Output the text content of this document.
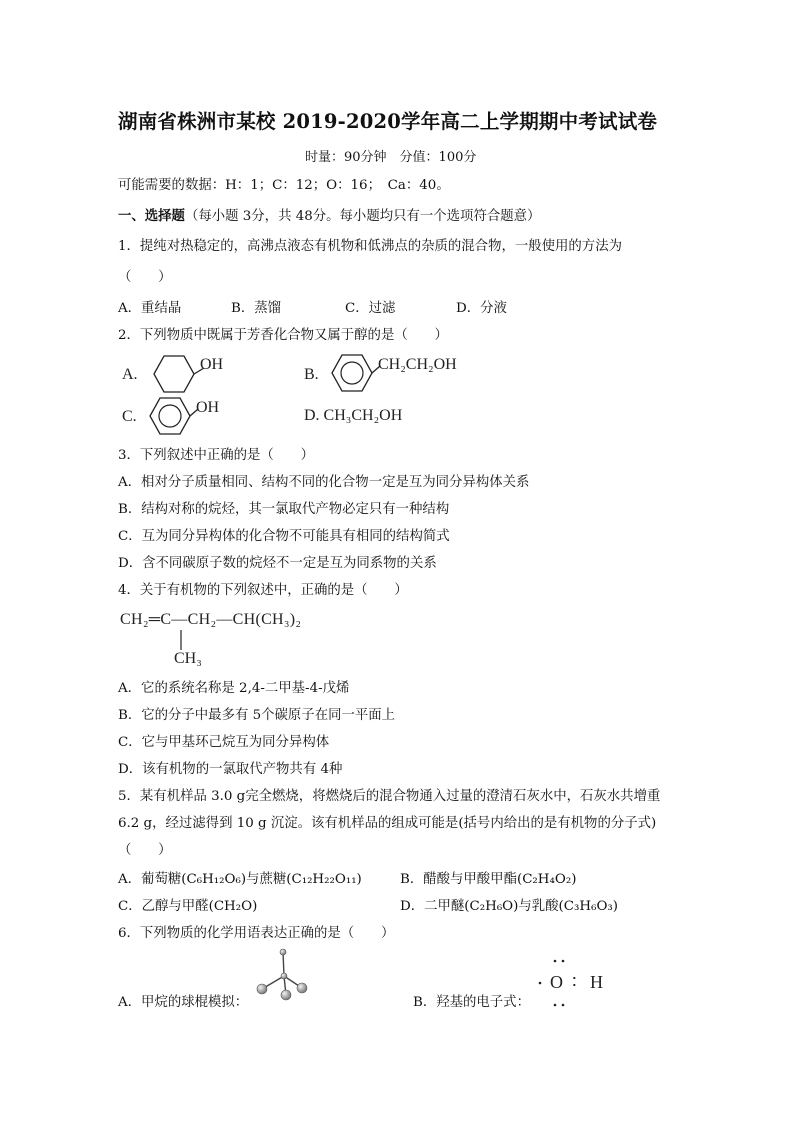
湖南省株洲市某校 2019-2020学年高二上学期期中考试试卷
时量：90分钟　分值：100分
可能需要的数据：H：1；C：12；O：16；　Ca：40。
一、选择题（每小题 3分，共 48分。每小题均只有一个选项符合题意）
1．提纯对热稳定的，高沸点液态有机物和低沸点的杂质的混合物，一般使用的方法为
（　　）
A．重结晶	B．蒸馏	C．过滤	D．分液
2．下列物质中既属于芳香化合物又属于醇的是（　　）
A.
OH
B.
CH₂CH₂OH
C.
OH	D. CH₃CH₂OH
3．下列叙述中正确的是（　　）
A．相对分子质量相同、结构不同的化合物一定是互为同分异构体关系
B．结构对称的烷烃，其一氯取代产物必定只有一种结构
C．互为同分异构体的化合物不可能具有相同的结构简式
D．含不同碳原子数的烷烃不一定是互为同系物的关系
4．关于有机物的下列叙述中，正确的是（　　）
CH₂═C—CH₂—CH(CH₃)₂
CH₃
A．它的系统名称是 2,4-二甲基-4-戊烯
B．它的分子中最多有 5个碳原子在同一平面上
C．它与甲基环己烷互为同分异构体
D．该有机物的一氯取代产物共有 4种
5．某有机样品 3.0 g完全燃烧，将燃烧后的混合物通入过量的澄清石灰水中，石灰水共增重
6.2 g，经过滤得到 10 g 沉淀。该有机样品的组成可能是(括号内给出的是有机物的分子式)
（　　）
A．葡萄糖(C₆H₁₂O₆)与蔗糖(C₁₂H₂₂O₁₁)	B．醋酸与甲酸甲酯(C₂H₄O₂)
C．乙醇与甲醛(CH₂O)	D．二甲醚(C₂H₆O)与乳酸(C₃H₆O₃)
6．下列物质的化学用语表达正确的是（　　）
A．甲烷的球棍模拟：	B．羟基的电子式：
O ∶ H
